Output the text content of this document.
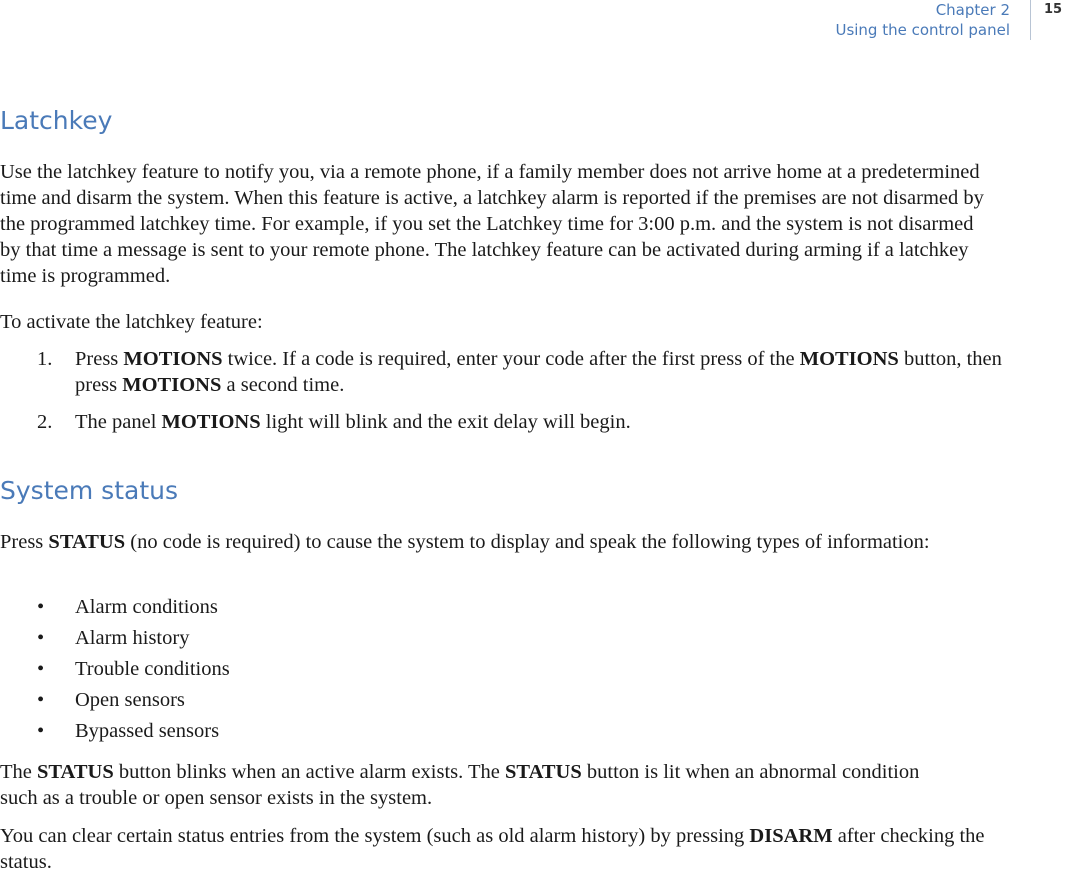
Chapter 2
Using the control panel
15
Latchkey

Use the latchkey feature to notify you, via a remote phone, if a family member does not arrive home at a predetermined time and disarm the system. When this feature is active, a latchkey alarm is reported if the premises are not disarmed by the programmed latchkey time. For example, if you set the Latchkey time for 3:00 p.m. and the system is not disarmed by that time a message is sent to your remote phone. The latchkey feature can be activated during arming if a latchkey time is programmed.

To activate the latchkey feature:

1. Press MOTIONS twice. If a code is required, enter your code after the first press of the MOTIONS button, then press MOTIONS a second time.
2. The panel MOTIONS light will blink and the exit delay will begin.
System status

Press STATUS (no code is required) to cause the system to display and speak the following types of information:

• Alarm conditions
• Alarm history
• Trouble conditions
• Open sensors
• Bypassed sensors

The STATUS button blinks when an active alarm exists. The STATUS button is lit when an abnormal condition such as a trouble or open sensor exists in the system.

You can clear certain status entries from the system (such as old alarm history) by pressing DISARM after checking the status.
